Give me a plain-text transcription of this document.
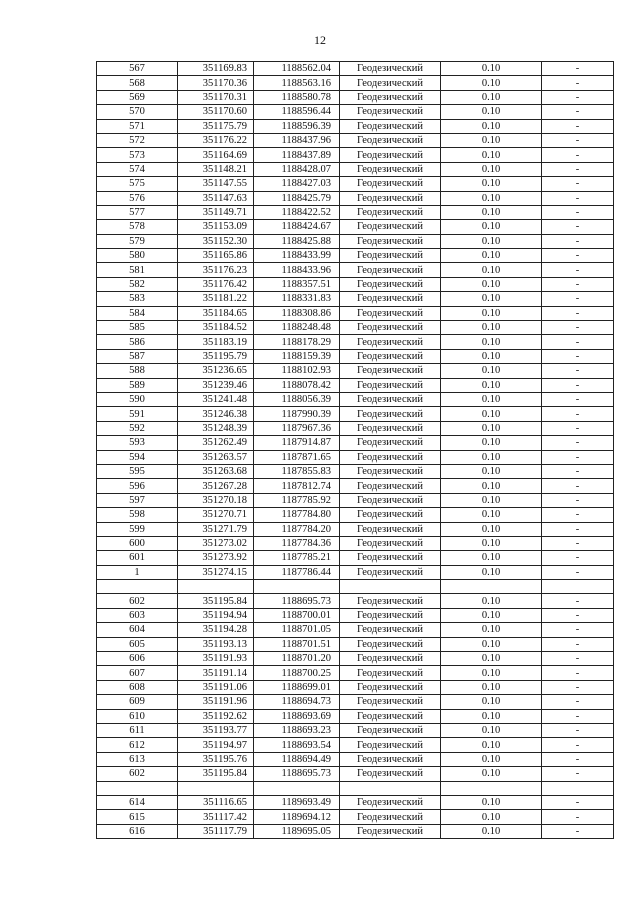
12
567	351169.83	1188562.04	Геодезический	0.10	-
568	351170.36	1188563.16	Геодезический	0.10	-
569	351170.31	1188580.78	Геодезический	0.10	-
570	351170.60	1188596.44	Геодезический	0.10	-
571	351175.79	1188596.39	Геодезический	0.10	-
572	351176.22	1188437.96	Геодезический	0.10	-
573	351164.69	1188437.89	Геодезический	0.10	-
574	351148.21	1188428.07	Геодезический	0.10	-
575	351147.55	1188427.03	Геодезический	0.10	-
576	351147.63	1188425.79	Геодезический	0.10	-
577	351149.71	1188422.52	Геодезический	0.10	-
578	351153.09	1188424.67	Геодезический	0.10	-
579	351152.30	1188425.88	Геодезический	0.10	-
580	351165.86	1188433.99	Геодезический	0.10	-
581	351176.23	1188433.96	Геодезический	0.10	-
582	351176.42	1188357.51	Геодезический	0.10	-
583	351181.22	1188331.83	Геодезический	0.10	-
584	351184.65	1188308.86	Геодезический	0.10	-
585	351184.52	1188248.48	Геодезический	0.10	-
586	351183.19	1188178.29	Геодезический	0.10	-
587	351195.79	1188159.39	Геодезический	0.10	-
588	351236.65	1188102.93	Геодезический	0.10	-
589	351239.46	1188078.42	Геодезический	0.10	-
590	351241.48	1188056.39	Геодезический	0.10	-
591	351246.38	1187990.39	Геодезический	0.10	-
592	351248.39	1187967.36	Геодезический	0.10	-
593	351262.49	1187914.87	Геодезический	0.10	-
594	351263.57	1187871.65	Геодезический	0.10	-
595	351263.68	1187855.83	Геодезический	0.10	-
596	351267.28	1187812.74	Геодезический	0.10	-
597	351270.18	1187785.92	Геодезический	0.10	-
598	351270.71	1187784.80	Геодезический	0.10	-
599	351271.79	1187784.20	Геодезический	0.10	-
600	351273.02	1187784.36	Геодезический	0.10	-
601	351273.92	1187785.21	Геодезический	0.10	-
1	351274.15	1187786.44	Геодезический	0.10	-

602	351195.84	1188695.73	Геодезический	0.10	-
603	351194.94	1188700.01	Геодезический	0.10	-
604	351194.28	1188701.05	Геодезический	0.10	-
605	351193.13	1188701.51	Геодезический	0.10	-
606	351191.93	1188701.20	Геодезический	0.10	-
607	351191.14	1188700.25	Геодезический	0.10	-
608	351191.06	1188699.01	Геодезический	0.10	-
609	351191.96	1188694.73	Геодезический	0.10	-
610	351192.62	1188693.69	Геодезический	0.10	-
611	351193.77	1188693.23	Геодезический	0.10	-
612	351194.97	1188693.54	Геодезический	0.10	-
613	351195.76	1188694.49	Геодезический	0.10	-
602	351195.84	1188695.73	Геодезический	0.10	-

614	351116.65	1189693.49	Геодезический	0.10	-
615	351117.42	1189694.12	Геодезический	0.10	-
616	351117.79	1189695.05	Геодезический	0.10	-
